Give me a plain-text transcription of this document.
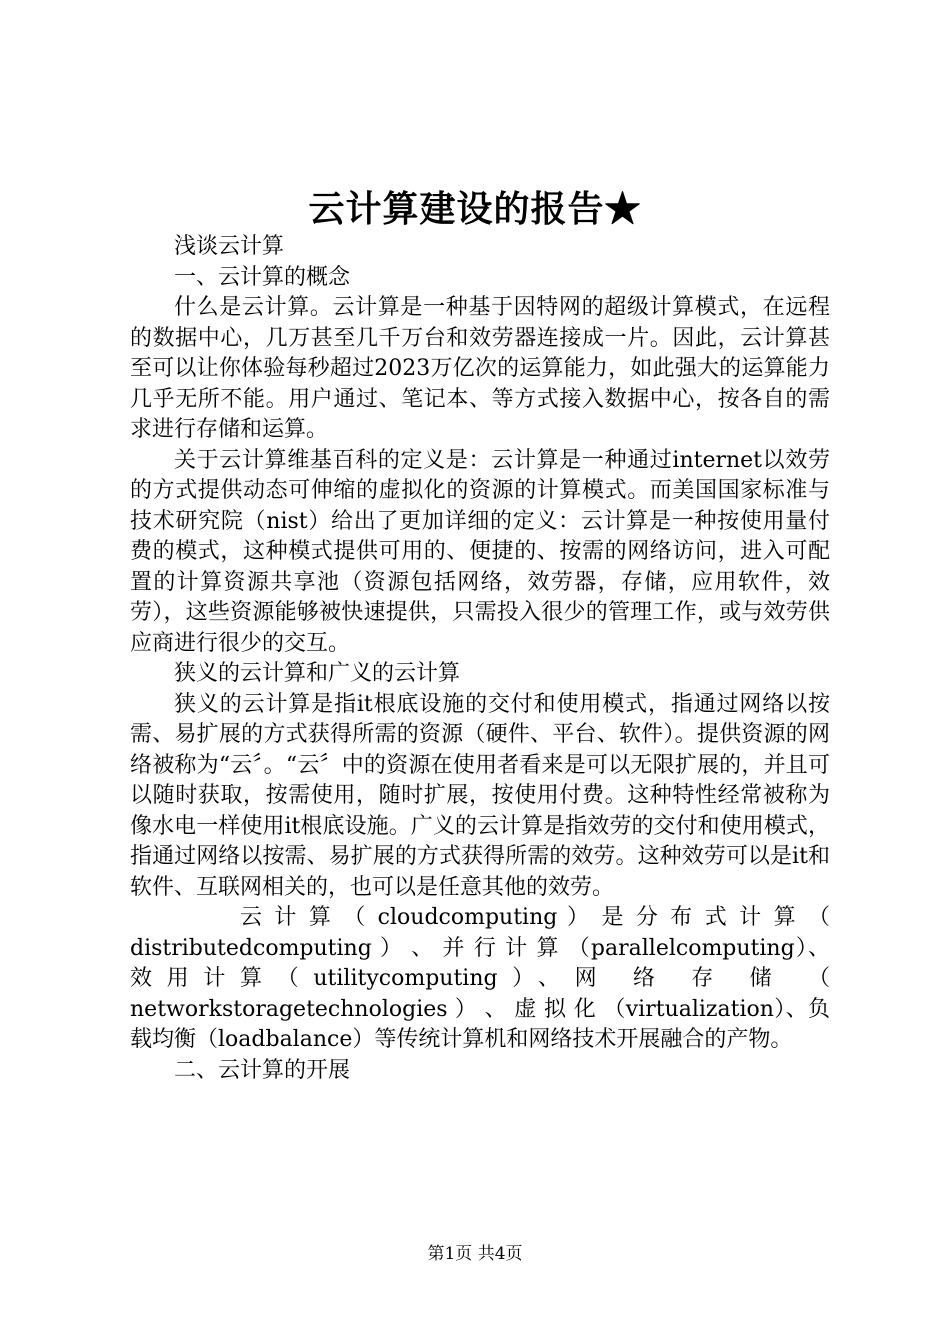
云计算建设的报告★

浅谈云计算

一、云计算的概念

什么是云计算。云计算是一种基于因特网的超级计算模式，在远程的数据中心，几万甚至几千万台和效劳器连接成一片。因此，云计算甚至可以让你体验每秒超过2023万亿次的运算能力，如此强大的运算能力几乎无所不能。用户通过、笔记本、等方式接入数据中心，按各自的需求进行存储和运算。

关于云计算维基百科的定义是：云计算是一种通过internet以效劳的方式提供动态可伸缩的虚拟化的资源的计算模式。而美国国家标准与技术研究院（nist）给出了更加详细的定义：云计算是一种按使用量付费的模式，这种模式提供可用的、便捷的、按需的网络访问，进入可配置的计算资源共享池（资源包括网络，效劳器，存储，应用软件，效劳），这些资源能够被快速提供，只需投入很少的管理工作，或与效劳供应商进行很少的交互。

狭义的云计算和广义的云计算

狭义的云计算是指it根底设施的交付和使用模式，指通过网络以按需、易扩展的方式获得所需的资源（硬件、平台、软件）。提供资源的网络被称为“云〞。“云〞中的资源在使用者看来是可以无限扩展的，并且可以随时获取，按需使用，随时扩展，按使用付费。这种特性经常被称为像水电一样使用it根底设施。广义的云计算是指效劳的交付和使用模式，指通过网络以按需、易扩展的方式获得所需的效劳。这种效劳可以是it和软件、互联网相关的，也可以是任意其他的效劳。

云 计 算 （ cloudcomputing ） 是 分 布 式 计 算 （ distributedcomputing ） 、 并 行 计 算 （parallelcomputing）、效用计算（utilitycomputing）、网 络 存 储 （ networkstoragetechnologies ） 、 虚 拟 化 （virtualization）、负载均衡（loadbalance）等传统计算机和网络技术开展融合的产物。

二、云计算的开展

第1页 共4页
